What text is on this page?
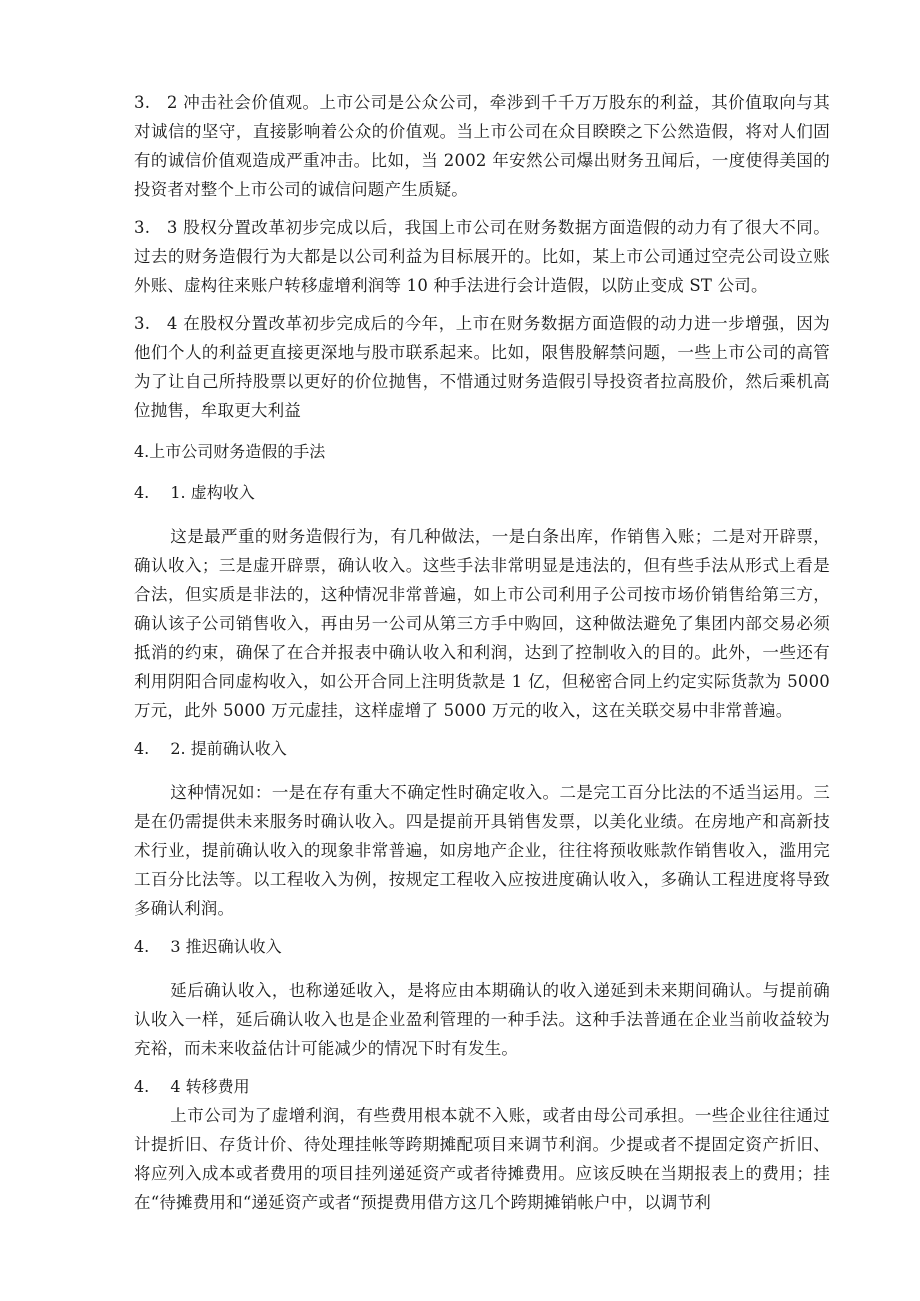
3. 2 冲击社会价值观。上市公司是公众公司，牵涉到千千万万股东的利益，其价值取向与其对诚信的坚守，直接影响着公众的价值观。当上市公司在众目睽睽之下公然造假，将对人们固有的诚信价值观造成严重冲击。比如，当 2002 年安然公司爆出财务丑闻后，一度使得美国的投资者对整个上市公司的诚信问题产生质疑。

3. 3 股权分置改革初步完成以后，我国上市公司在财务数据方面造假的动力有了很大不同。过去的财务造假行为大都是以公司利益为目标展开的。比如，某上市公司通过空壳公司设立账外账、虚构往来账户转移虚增利润等 10 种手法进行会计造假，以防止变成 ST 公司。

3. 4 在股权分置改革初步完成后的今年，上市在财务数据方面造假的动力进一步增强，因为他们个人的利益更直接更深地与股市联系起来。比如，限售股解禁问题，一些上市公司的高管为了让自己所持股票以更好的价位抛售，不惜通过财务造假引导投资者拉高股价，然后乘机高位抛售，牟取更大利益

4.上市公司财务造假的手法

4.  1. 虚构收入

这是最严重的财务造假行为，有几种做法，一是白条出库，作销售入账；二是对开辟票，确认收入；三是虚开辟票，确认收入。这些手法非常明显是违法的，但有些手法从形式上看是合法，但实质是非法的，这种情况非常普遍，如上市公司利用子公司按市场价销售给第三方，确认该子公司销售收入，再由另一公司从第三方手中购回，这种做法避免了集团内部交易必须抵消的约束，确保了在合并报表中确认收入和利润，达到了控制收入的目的。此外，一些还有利用阴阳合同虚构收入，如公开合同上注明货款是 1 亿，但秘密合同上约定实际货款为 5000 万元，此外 5000 万元虚挂，这样虚增了 5000 万元的收入，这在关联交易中非常普遍。

4.  2. 提前确认收入

这种情况如：一是在存有重大不确定性时确定收入。二是完工百分比法的不适当运用。三是在仍需提供未来服务时确认收入。四是提前开具销售发票，以美化业绩。在房地产和高新技术行业，提前确认收入的现象非常普遍，如房地产企业，往往将预收账款作销售收入，滥用完工百分比法等。以工程收入为例，按规定工程收入应按进度确认收入，多确认工程进度将导致多确认利润。

4.  3 推迟确认收入

延后确认收入，也称递延收入，是将应由本期确认的收入递延到未来期间确认。与提前确认收入一样，延后确认收入也是企业盈利管理的一种手法。这种手法普通在企业当前收益较为充裕，而未来收益估计可能减少的情况下时有发生。

4.  4 转移费用

上市公司为了虚增利润，有些费用根本就不入账，或者由母公司承担。一些企业往往通过计提折旧、存货计价、待处理挂帐等跨期摊配项目来调节利润。少提或者不提固定资产折旧、将应列入成本或者费用的项目挂列递延资产或者待摊费用。应该反映在当期报表上的费用；挂在“待摊费用和“递延资产或者“预提费用借方这几个跨期摊销帐户中，以调节利
